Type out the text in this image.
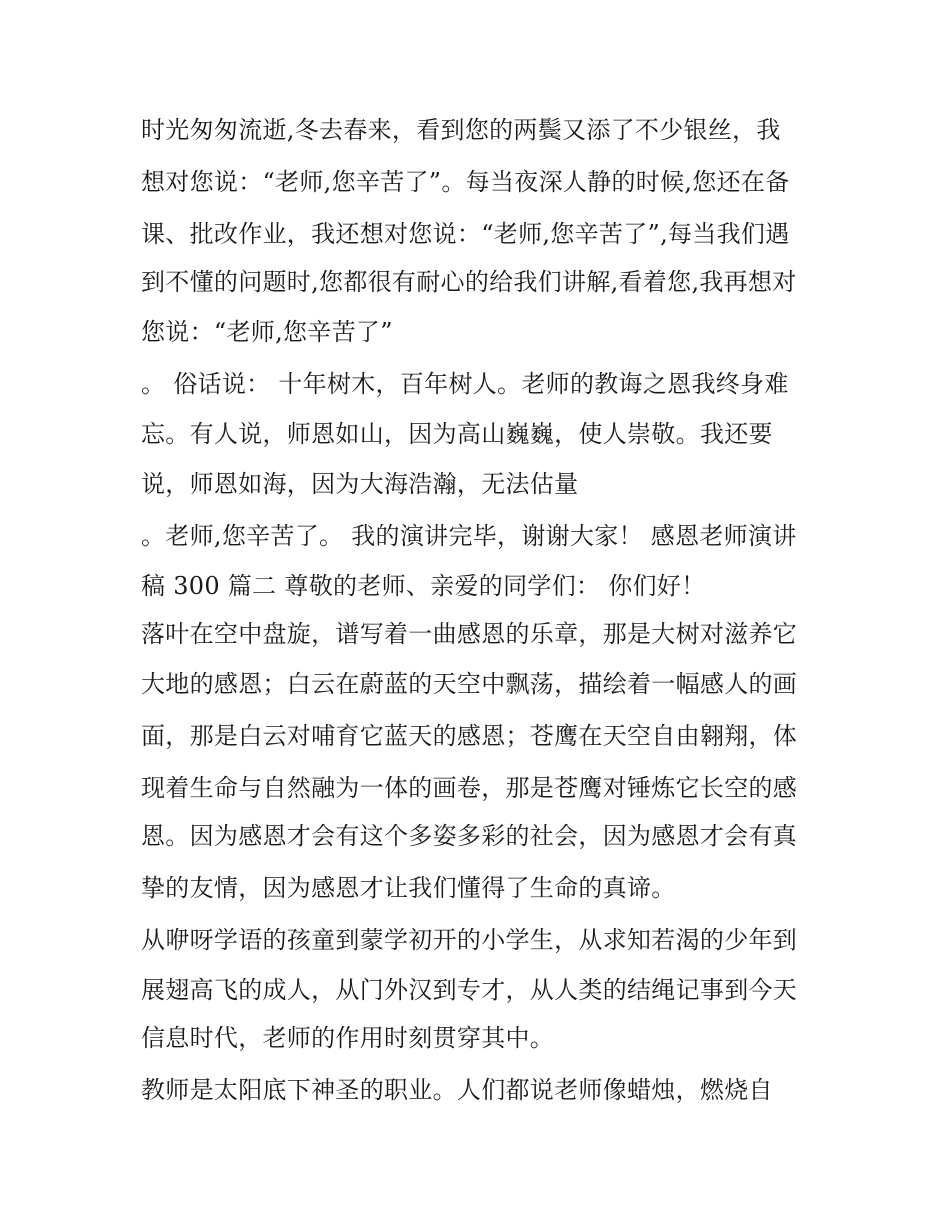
时光匆匆流逝,冬去春来，看到您的两鬓又添了不少银丝，我
想对您说：“老师,您辛苦了”。每当夜深人静的时候,您还在备
课、批改作业，我还想对您说：“老师,您辛苦了”,每当我们遇
到不懂的问题时,您都很有耐心的给我们讲解,看着您,我再想对
您说：“老师,您辛苦了”
。 俗话说： 十年树木，百年树人。老师的教诲之恩我终身难
忘。有人说，师恩如山，因为高山巍巍，使人崇敬。我还要
说，师恩如海，因为大海浩瀚，无法估量
。老师,您辛苦了。 我的演讲完毕，谢谢大家！ 感恩老师演讲
稿 300 篇二 尊敬的老师、亲爱的同学们： 你们好！
落叶在空中盘旋，谱写着一曲感恩的乐章，那是大树对滋养它
大地的感恩；白云在蔚蓝的天空中飘荡，描绘着一幅感人的画
面，那是白云对哺育它蓝天的感恩；苍鹰在天空自由翱翔，体
现着生命与自然融为一体的画卷，那是苍鹰对锤炼它长空的感
恩。因为感恩才会有这个多姿多彩的社会，因为感恩才会有真
挚的友情，因为感恩才让我们懂得了生命的真谛。
从咿呀学语的孩童到蒙学初开的小学生，从求知若渴的少年到
展翅高飞的成人，从门外汉到专才，从人类的结绳记事到今天
信息时代，老师的作用时刻贯穿其中。
教师是太阳底下神圣的职业。人们都说老师像蜡烛，燃烧自
